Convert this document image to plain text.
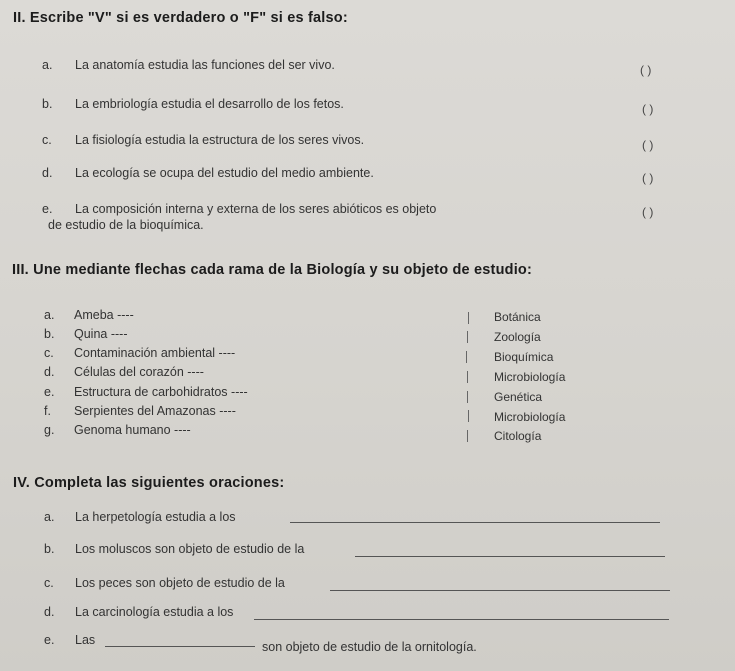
II. Escribe "V" si es verdadero o "F" si es falso:
a. La anatomía estudia las funciones del ser vivo.	( )
b. La embriología estudia el desarrollo de los fetos.	( )
c. La fisiología estudia la estructura de los seres vivos.	( )
d. La ecología se ocupa del estudio del medio ambiente.	( )
e. La composición interna y externa de los seres abióticos es objeto
de estudio de la bioquímica.
( )
III. Une mediante flechas cada rama de la Biología y su objeto de estudio:
a. Ameba ----
b. Quina ----
c. Contaminación ambiental ----
d. Células del corazón ----
e. Estructura de carbohidratos ----
f. Serpientes del Amazonas ----
g. Genoma humano ----
Botánica
Zoología
Bioquímica
Microbiología
Genética
Microbiología
Citología
IV. Completa las siguientes oraciones:
a. La herpetología estudia a los
b. Los moluscos son objeto de estudio de la
c. Los peces son objeto de estudio de la
d. La carcinología estudia a los
e. Las	son objeto de estudio de la ornitología.
